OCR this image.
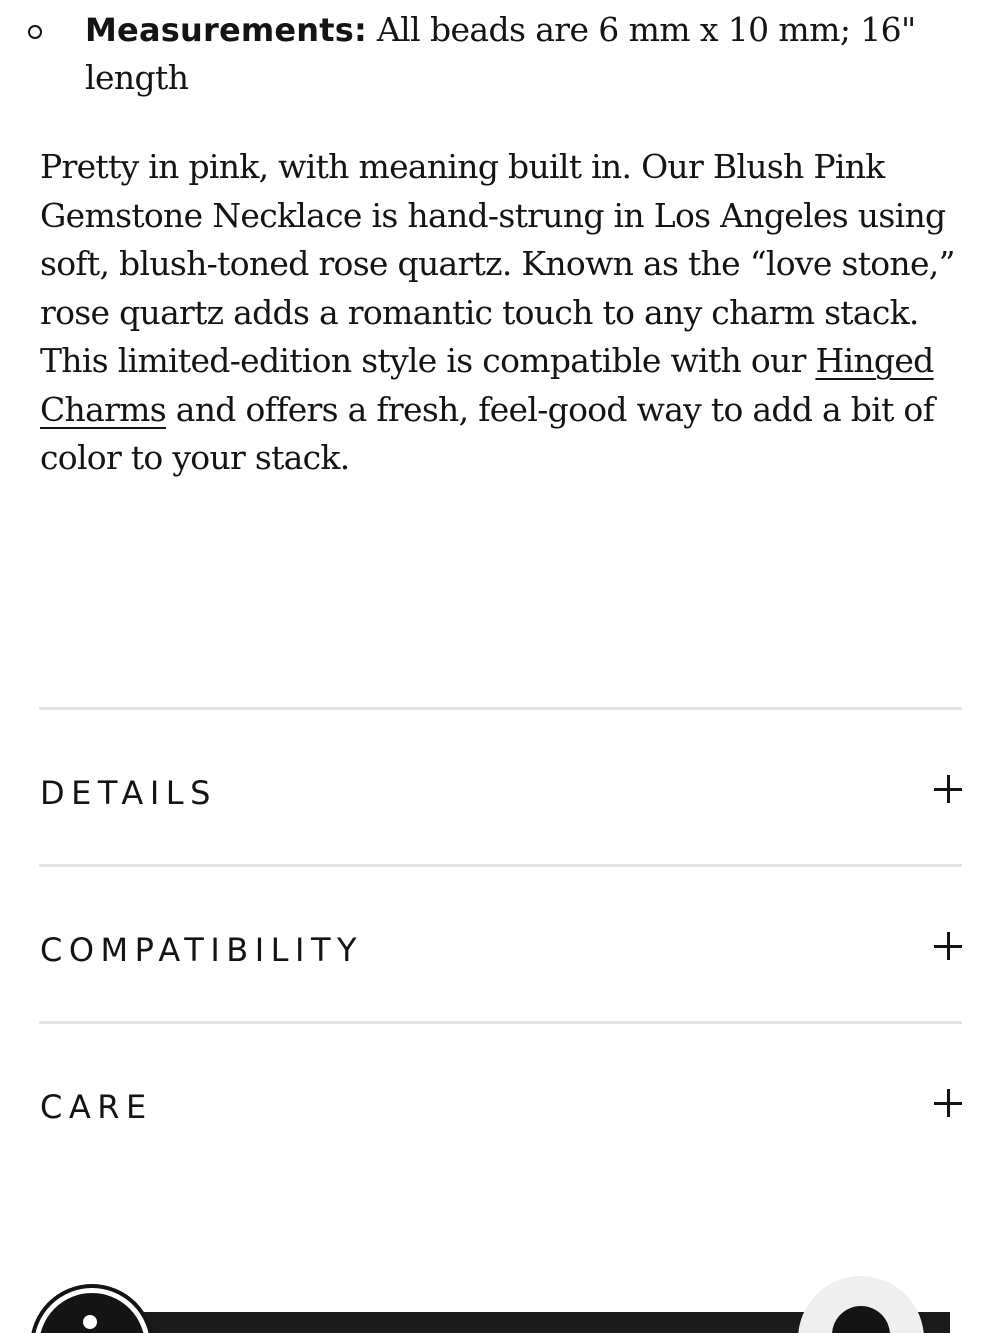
Measurements: All beads are 6 mm x 10 mm; 16" length

Pretty in pink, with meaning built in. Our Blush Pink Gemstone Necklace is hand-strung in Los Angeles using soft, blush-toned rose quartz. Known as the “love stone,” rose quartz adds a romantic touch to any charm stack. This limited-edition style is compatible with our Hinged Charms and offers a fresh, feel-good way to add a bit of color to your stack.

DETAILS
COMPATIBILITY
CARE
